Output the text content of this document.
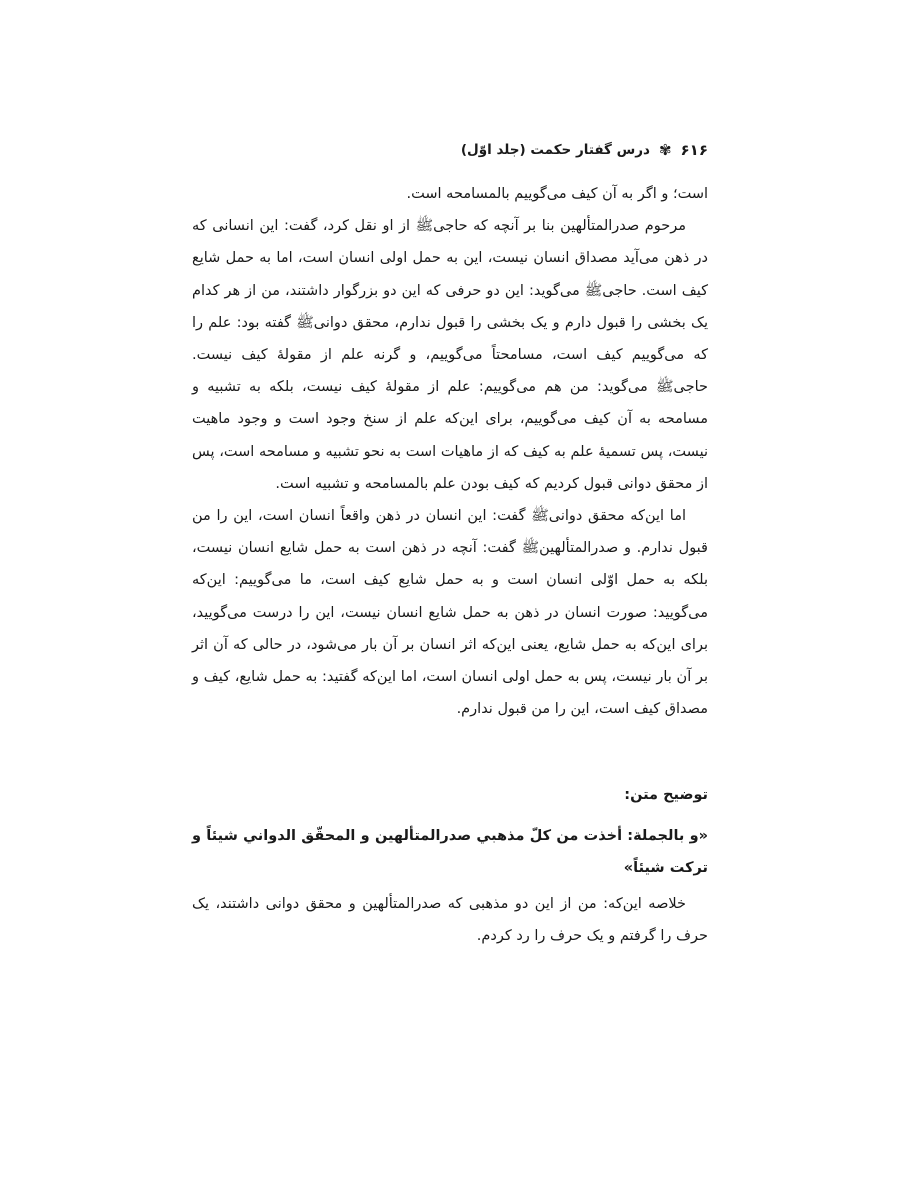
۶۱۶
✾
درس گفتار حکمت (جلد اوّل)

است؛ و اگر به آن کیف می‌گوییم بالمسامحه است.

مرحوم صدرالمتألهین بنا بر آنچه که حاجی‌ﷺ از او نقل کرد، گفت: این انسانی که در ذهن می‌آید مصداق انسان نیست، این به حمل اولی انسان است، اما به حمل شایع کیف است. حاجی‌ﷺ می‌گوید: این دو حرفی که این دو بزرگوار داشتند، من از هر کدام یک بخشی را قبول دارم و یک بخشی را قبول ندارم، محقق دوانی‌ﷺ گفته بود: علم را که می‌گوییم کیف است، مسامحتاً می‌گوییم، و گرنه علم از مقولهٔ کیف نیست. حاجی‌ﷺ می‌گوید: من هم می‌گوییم: علم از مقولهٔ کیف نیست، بلکه به تشبیه و مسامحه به آن کیف می‌گوییم، برای این‌که علم از سنخ وجود است و وجود ماهیت نیست، پس تسمیهٔ علم به کیف که از ماهیات است به نحو تشبیه و مسامحه است، پس از محقق دوانی قبول کردیم که کیف بودن علم بالمسامحه و تشبیه است.

اما این‌که محقق دوانی‌ﷺ گفت: این انسان در ذهن واقعاً انسان است، این را من قبول ندارم. و صدرالمتألهین‌ﷺ گفت: آنچه در ذهن است به حمل شایع انسان نیست، بلکه به حمل اوّلی انسان است و به حمل شایع کیف است، ما می‌گوییم: این‌که می‌گویید: صورت انسان در ذهن به حمل شایع انسان نیست، این را درست می‌گویید، برای این‌که به حمل شایع، یعنی این‌که اثر انسان بر آن بار می‌شود، در حالی که آن اثر بر آن بار نیست، پس به حمل اولی انسان است، اما این‌که گفتید: به حمل شایع، کیف و مصداق کیف است، این را من قبول ندارم.

توضیح متن:

«و بالجملة: أخذت من کلّ مذهبي صدرالمتألهين و المحقّق الدواني شيئاً و ترکت شيئاً»

خلاصه این‌که: من از این دو مذهبی که صدرالمتألهین و محقق دوانی داشتند، یک حرف را گرفتم و یک حرف را رد کردم.
